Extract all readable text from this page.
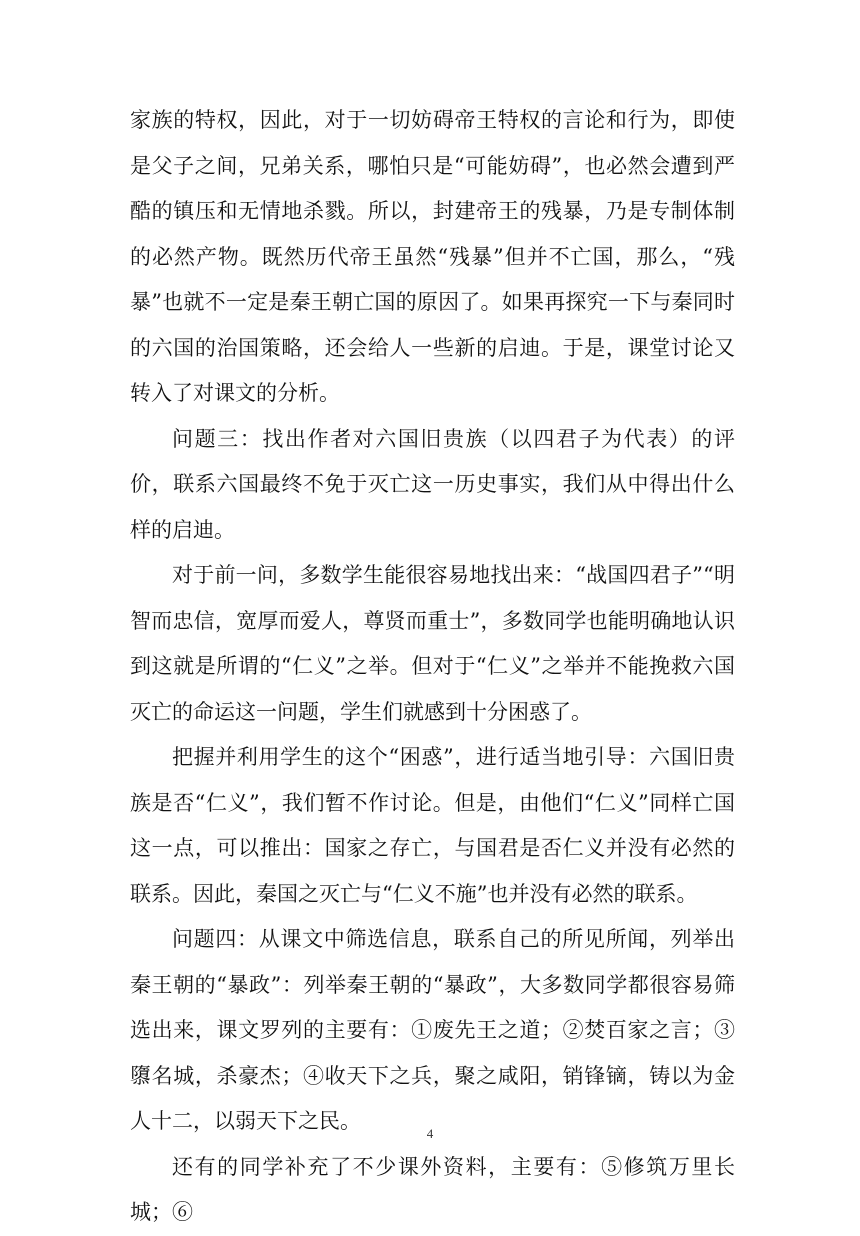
家族的特权，因此，对于一切妨碍帝王特权的言论和行为，即使是父子之间，兄弟关系，哪怕只是“可能妨碍”，也必然会遭到严酷的镇压和无情地杀戮。所以，封建帝王的残暴，乃是专制体制的必然产物。既然历代帝王虽然“残暴”但并不亡国，那么，“残暴”也就不一定是秦王朝亡国的原因了。如果再探究一下与秦同时的六国的治国策略，还会给人一些新的启迪。于是，课堂讨论又转入了对课文的分析。

问题三：找出作者对六国旧贵族（以四君子为代表）的评价，联系六国最终不免于灭亡这一历史事实，我们从中得出什么样的启迪。

对于前一问，多数学生能很容易地找出来：“战国四君子”“明智而忠信，宽厚而爱人，尊贤而重士”，多数同学也能明确地认识到这就是所谓的“仁义”之举。但对于“仁义”之举并不能挽救六国灭亡的命运这一问题，学生们就感到十分困惑了。

把握并利用学生的这个“困惑”，进行适当地引导：六国旧贵族是否“仁义”，我们暂不作讨论。但是，由他们“仁义”同样亡国这一点，可以推出：国家之存亡，与国君是否仁义并没有必然的联系。因此，秦国之灭亡与“仁义不施”也并没有必然的联系。

问题四：从课文中筛选信息，联系自己的所见所闻，列举出秦王朝的“暴政”：列举秦王朝的“暴政”，大多数同学都很容易筛选出来，课文罗列的主要有：①废先王之道；②焚百家之言；③隳名城，杀豪杰；④收天下之兵，聚之咸阳，销锋镝，铸以为金人十二，以弱天下之民。

还有的同学补充了不少课外资料，主要有：⑤修筑万里长城；⑥

4
